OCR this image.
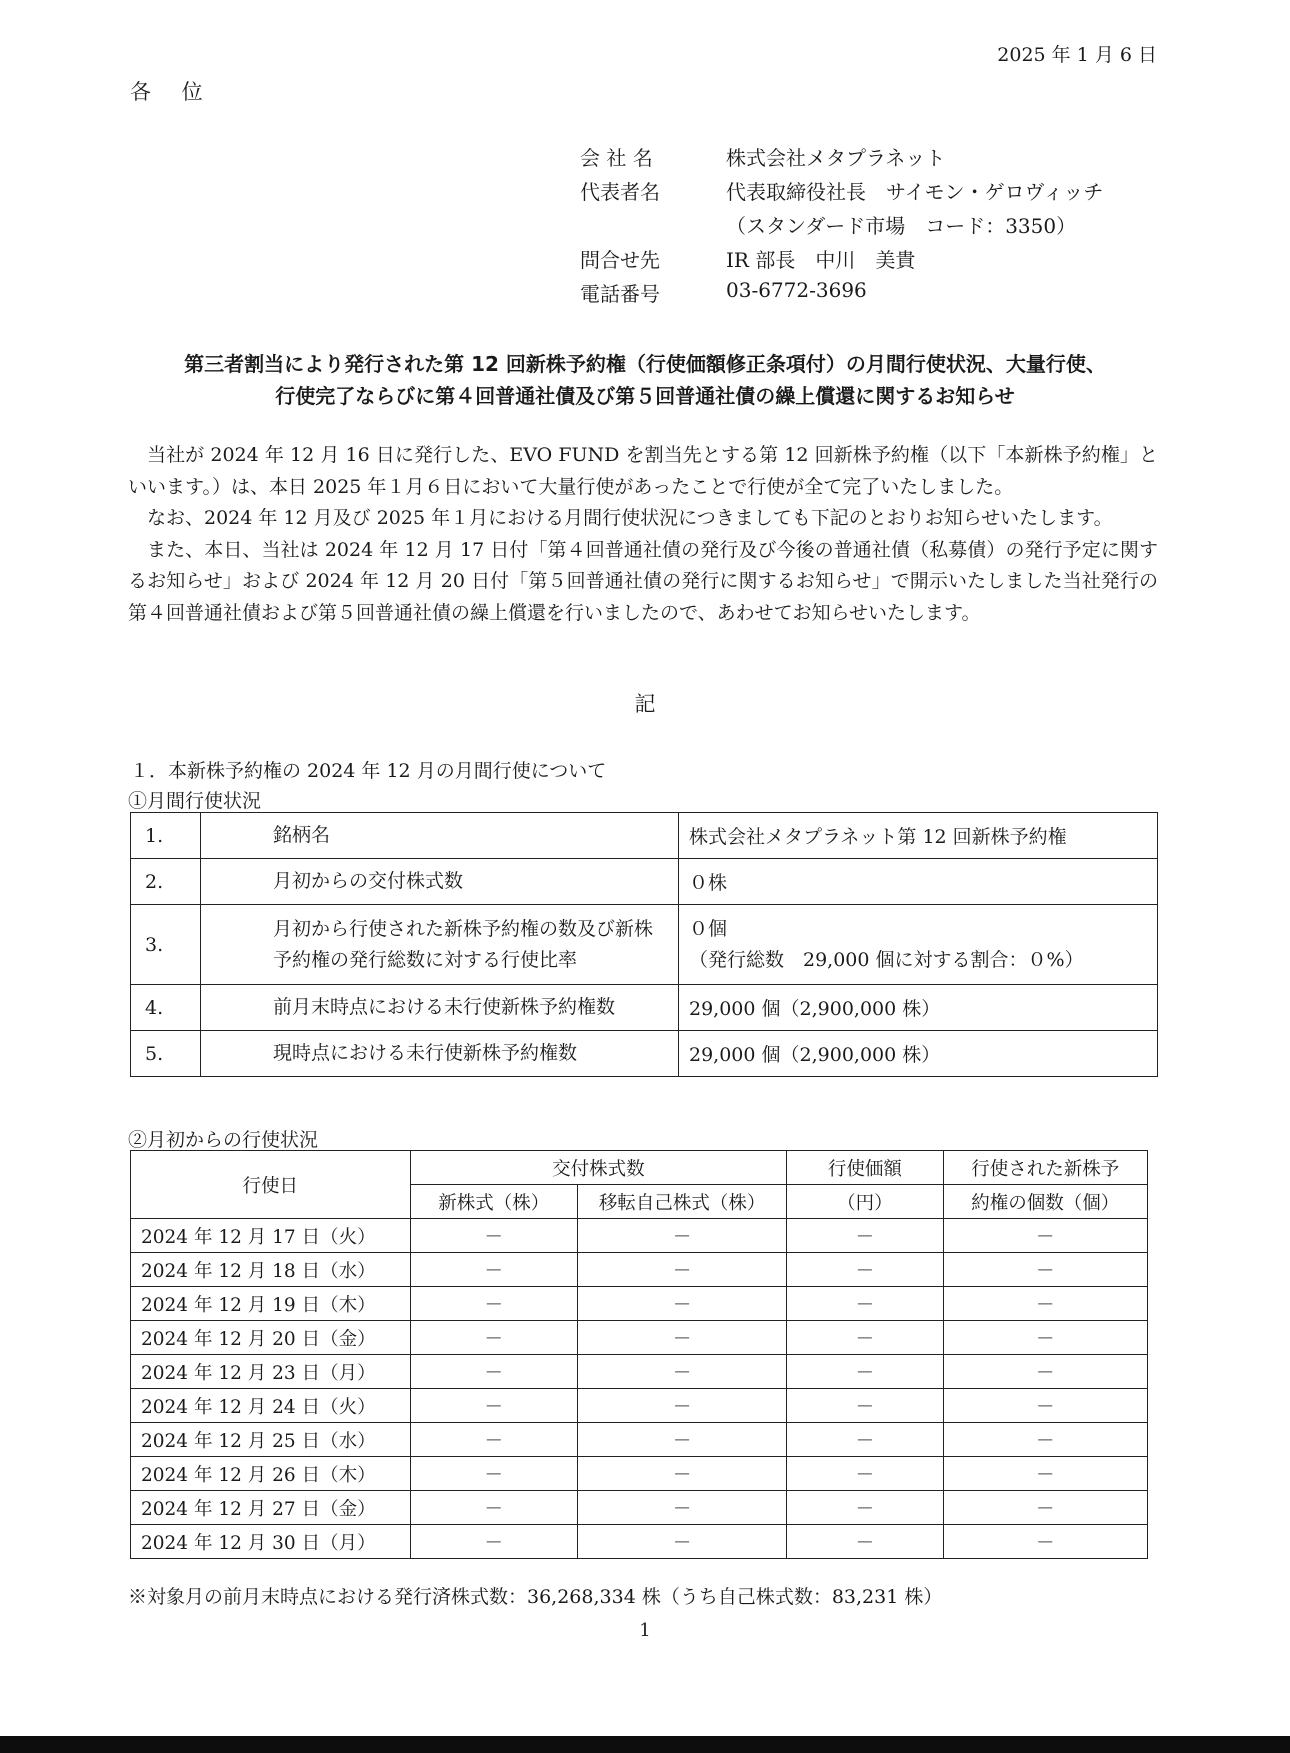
2025 年 1 月 6 日
各 位
会 社 名	株式会社メタプラネット
代表者名	代表取締役社長　サイモン・ゲロヴィッチ
（スタンダード市場　コード：3350）
問合せ先	IR 部長　中川　美貴
電話番号	03-6772-3696
第三者割当により発行された第 12 回新株予約権（行使価額修正条項付）の月間行使状況、大量行使、
行使完了ならびに第４回普通社債及び第５回普通社債の繰上償還に関するお知らせ

当社が 2024 年 12 月 16 日に発行した、EVO FUND を割当先とする第 12 回新株予約権（以下「本新株予約権」といいます。）は、本日 2025 年１月６日において大量行使があったことで行使が全て完了いたしました。

なお、2024 年 12 月及び 2025 年１月における月間行使状況につきましても下記のとおりお知らせいたします。

また、本日、当社は 2024 年 12 月 17 日付「第４回普通社債の発行及び今後の普通社債（私募債）の発行予定に関するお知らせ」および 2024 年 12 月 20 日付「第５回普通社債の発行に関するお知らせ」で開示いたしました当社発行の第４回普通社債および第５回普通社債の繰上償還を行いましたので、あわせてお知らせいたします。

記
１．本新株予約権の 2024 年 12 月の月間行使について
①月間行使状況
1.	銘柄名	株式会社メタプラネット第 12 回新株予約権
2.	月初からの交付株式数	０株
3.	月初から行使された新株予約権の数及び新株予約権の発行総数に対する行使比率	０個
（発行総数　29,000 個に対する割合：０%）

4.	前月末時点における未行使新株予約権数	29,000 個（2,900,000 株）
5.	現時点における未行使新株予約権数	29,000 個（2,900,000 株）
②月初からの行使状況
行使日	交付株式数		行使価額	行使された新株予
	新株式（株）	移転自己株式（株）	（円）	約権の個数（個）
2024 年 12 月 17 日（火）	－	－	－	－
2024 年 12 月 18 日（水）	－	－	－	－
2024 年 12 月 19 日（木）	－	－	－	－
2024 年 12 月 20 日（金）	－	－	－	－
2024 年 12 月 23 日（月）	－	－	－	－
2024 年 12 月 24 日（火）	－	－	－	－
2024 年 12 月 25 日（水）	－	－	－	－
2024 年 12 月 26 日（木）	－	－	－	－
2024 年 12 月 27 日（金）	－	－	－	－
2024 年 12 月 30 日（月）	－	－	－	－
※対象月の前月末時点における発行済株式数：36,268,334 株（うち自己株式数：83,231 株）
1
